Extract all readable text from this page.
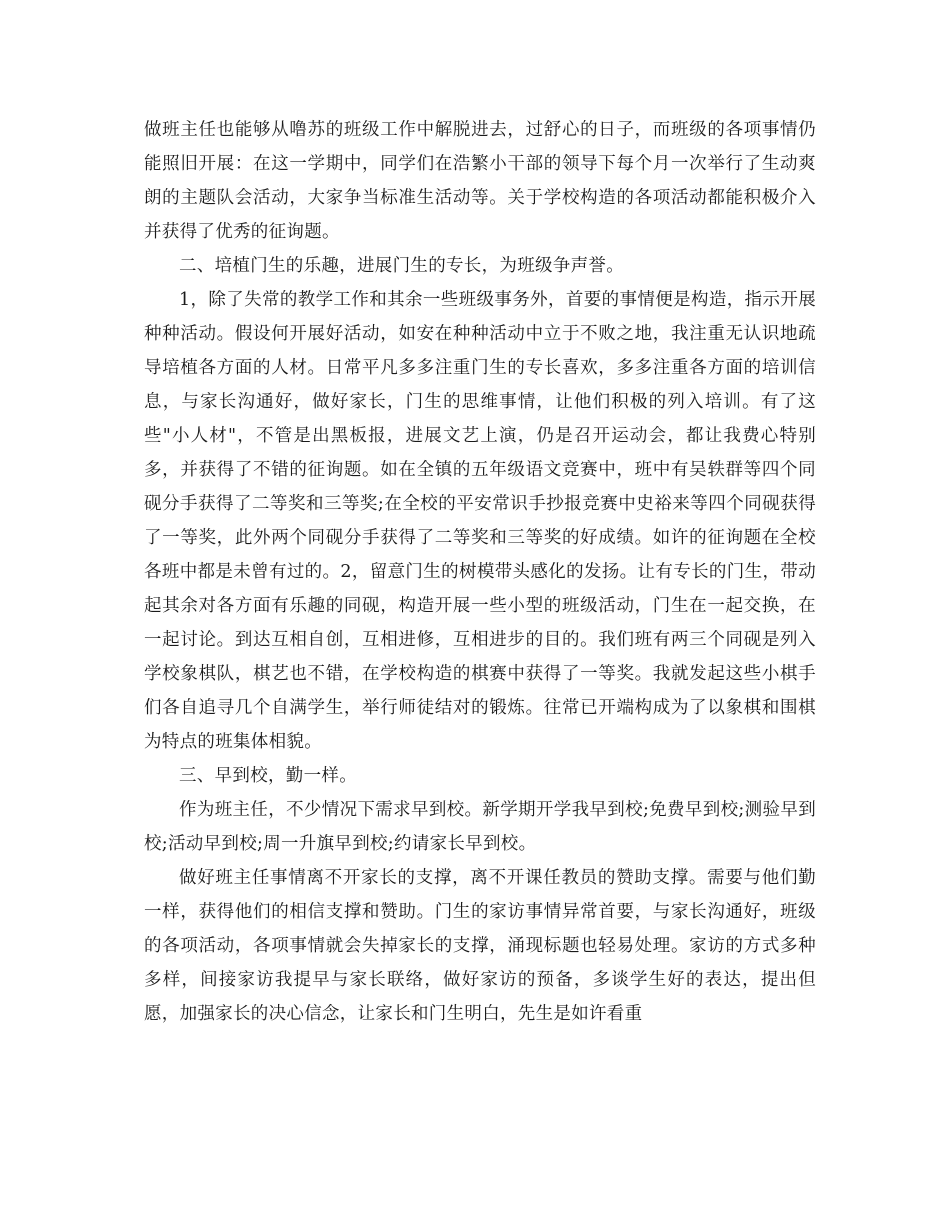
做班主任也能够从噜苏的班级工作中解脱进去，过舒心的日子，而班级的各项事情仍能照旧开展：在这一学期中，同学们在浩繁小干部的领导下每个月一次举行了生动爽朗的主题队会活动，大家争当标准生活动等。关于学校构造的各项活动都能积极介入并获得了优秀的征询题。

二、培植门生的乐趣，进展门生的专长，为班级争声誉。

1，除了失常的教学工作和其余一些班级事务外，首要的事情便是构造，指示开展种种活动。假设何开展好活动，如安在种种活动中立于不败之地，我注重无认识地疏导培植各方面的人材。日常平凡多多注重门生的专长喜欢，多多注重各方面的培训信息，与家长沟通好，做好家长，门生的思维事情，让他们积极的列入培训。有了这些"小人材"，不管是出黑板报，进展文艺上演，仍是召开运动会，都让我费心特别多，并获得了不错的征询题。如在全镇的五年级语文竞赛中，班中有吴轶群等四个同砚分手获得了二等奖和三等奖;在全校的平安常识手抄报竞赛中史裕来等四个同砚获得了一等奖，此外两个同砚分手获得了二等奖和三等奖的好成绩。如许的征询题在全校各班中都是未曾有过的。2，留意门生的树模带头感化的发扬。让有专长的门生，带动起其余对各方面有乐趣的同砚，构造开展一些小型的班级活动，门生在一起交换，在一起讨论。到达互相自创，互相进修，互相进步的目的。我们班有两三个同砚是列入学校象棋队，棋艺也不错，在学校构造的棋赛中获得了一等奖。我就发起这些小棋手们各自追寻几个自满学生，举行师徒结对的锻炼。往常已开端构成为了以象棋和围棋为特点的班集体相貌。

三、早到校，勤一样。

作为班主任，不少情况下需求早到校。新学期开学我早到校;免费早到校;测验早到校;活动早到校;周一升旗早到校;约请家长早到校。

做好班主任事情离不开家长的支撑，离不开课任教员的赞助支撑。需要与他们勤一样，获得他们的相信支撑和赞助。门生的家访事情异常首要，与家长沟通好，班级的各项活动，各项事情就会失掉家长的支撑，涌现标题也轻易处理。家访的方式多种多样，间接家访我提早与家长联络，做好家访的预备，多谈学生好的表达，提出但愿，加强家长的决心信念，让家长和门生明白，先生是如许看重
